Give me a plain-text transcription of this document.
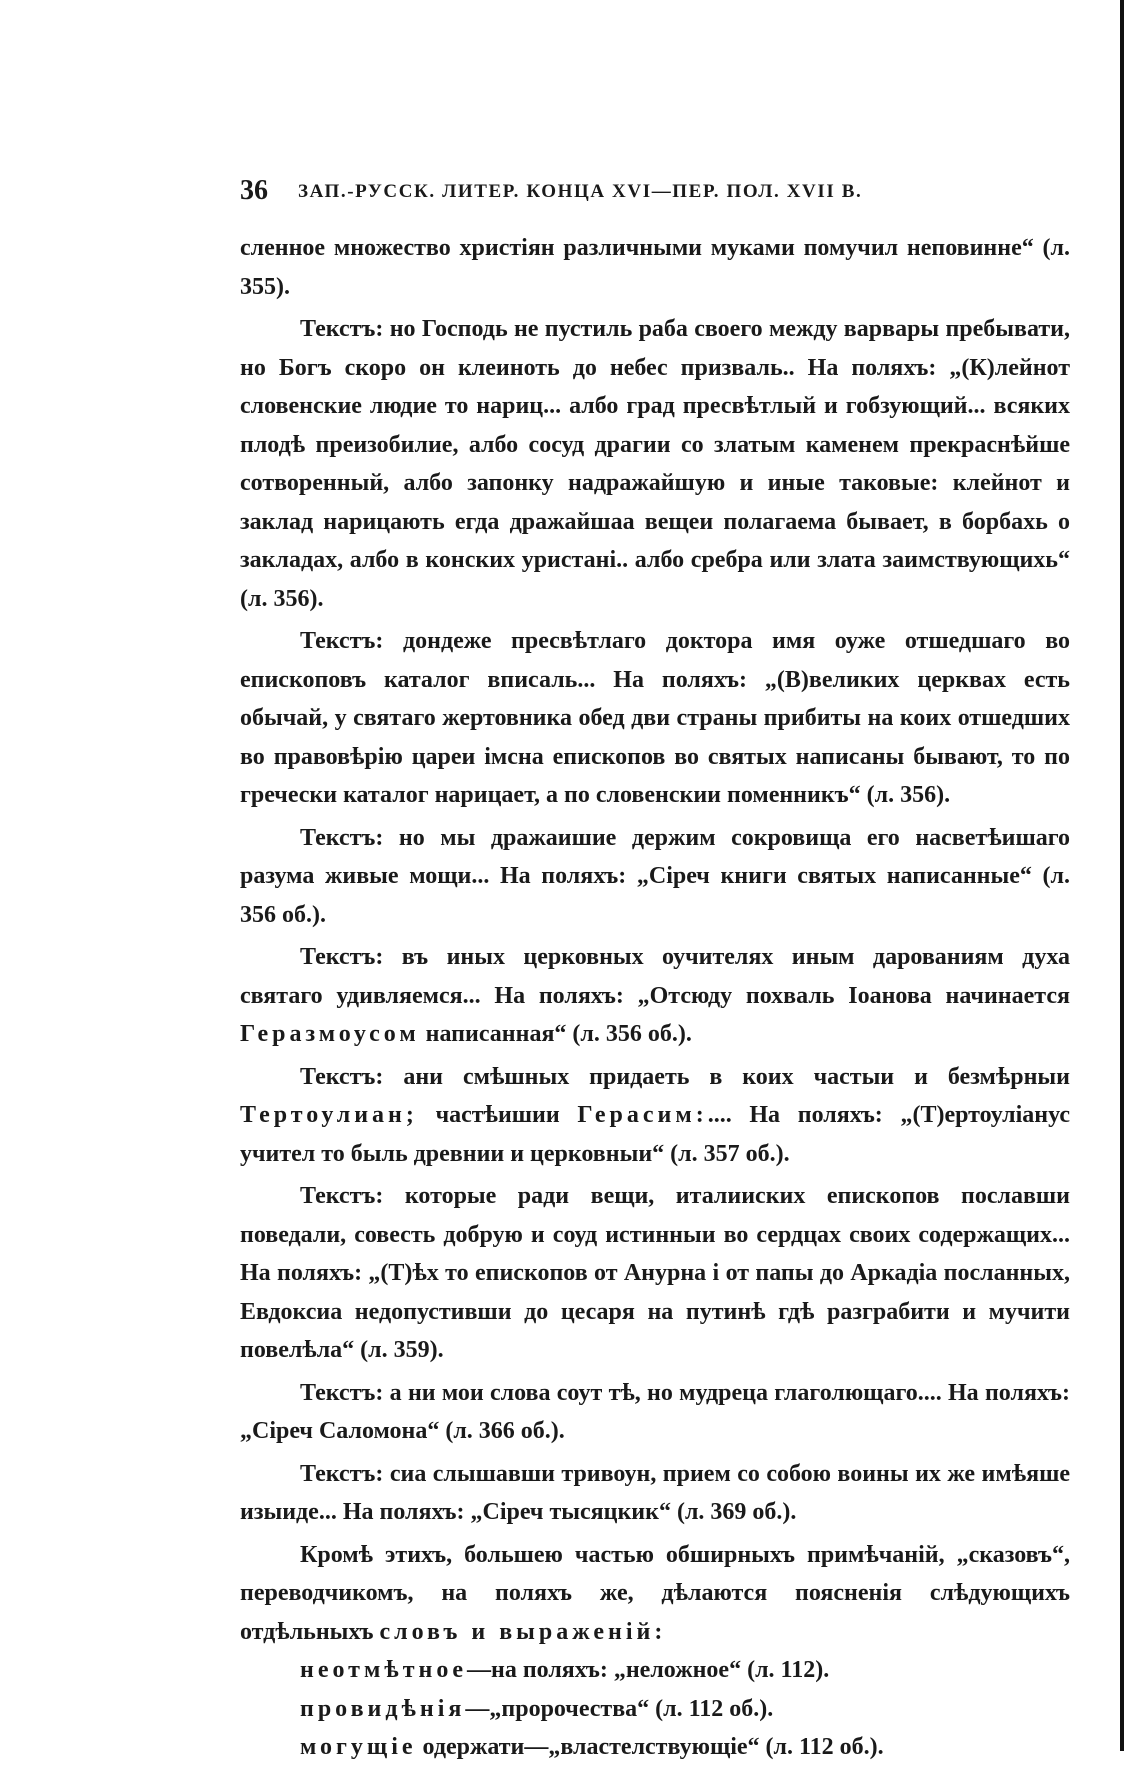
36 ЗАП.-РУССК. ЛИТЕР. КОНЦА XVI—ПЕР. ПОЛ. XVII В.

сленное множество христіян различными муками помучил неповинне“ (л. 355).

Текстъ: но Господь не пустиль раба своего между варвары пребывати, но Богъ скоро он клеиноть до небес призваль.. На поляхъ: „(К)лейнот словенские людие то нариц... албо град пресвѣтлый и гобзующий... всяких плодѣ преизобилие, албо сосуд драгии со златым каменем прекраснѣйше сотворенный, албо запонку надражайшую и иные таковые: клейнот и заклад нарицають егда дражайшаа вещеи полагаема бывает, в борбахь о закладах, албо в конских уристані.. албо сребра или злата заимствующихь“ (л. 356).

Текстъ: дондеже пресвѣтлаго доктора имя оуже отшедшаго во епископовъ каталог вписаль... На поляхъ: „(В)великих церквах есть обычай, у святаго жертовника обед дви страны прибиты на коих отшедших во правовѣрію цареи імсна епископов во святых написаны бывают, то по гречески каталог нарицает, а по словенскии поменникъ“ (л. 356).

Текстъ: но мы дражаишие держим сокровища его насветѣишаго разума живые мощи... На поляхъ: „Сіреч книги святых написанные“ (л. 356 об.).

Текстъ: въ иных церковных оучителях иным дарованиям духа святаго удивляемся... На поляхъ: „Отсюду похваль Іоанова начинается Геразмоусом написанная“ (л. 356 об.).

Текстъ: ани смѣшных придаеть в коих частыи и безмѣрныи Тертоулиан; частѣишии Герасим:.... На поляхъ: „(Т)ертоуліанус учител то быль древнии и церковныи“ (л. 357 об.).

Текстъ: которые ради вещи, италииских епископов пославши поведали, совесть добрую и соуд истинныи во сердцах своих содержащих... На поляхъ: „(Т)ѣх то епископов от Анурна і от папы до Аркадіа посланных, Евдоксиа недопустивши до цесаря на путинѣ гдѣ разграбити и мучити повелѣла“ (л. 359).

Текстъ: а ни мои слова соут тѣ, но мудреца глаголющаго.... На поляхъ: „Сіреч Саломона“ (л. 366 об.).

Текстъ: сиа слышавши тривоун, прием со собою воины их же имѣяше изыиде... На поляхъ: „Сіреч тысяцкик“ (л. 369 об.).

Кромѣ этихъ, большею частью обширныхъ примѣчаній, „сказовъ“, переводчикомъ, на поляхъ же, дѣлаются поясненія слѣдующихъ отдѣльныхъ словъ и выраженій:

неотмѣтное—на поляхъ: „неложное“ (л. 112).

провидѣнія—„пророчества“ (л. 112 об.).

могущіе одержати—„властелствующіе“ (л. 112 об.).
